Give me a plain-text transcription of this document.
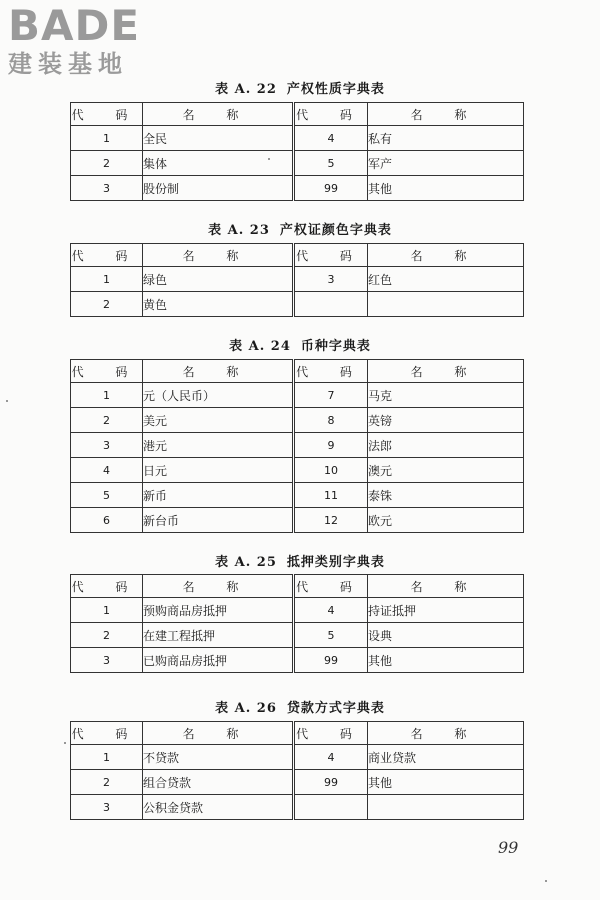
BADE
建装基地
表 A. 22 产权性质字典表
代 码	名 称	代 码	名 称
1	全民	4	私有
2	集体	5	军产
3	股份制	99	其他
表 A. 23 产权证颜色字典表
代 码	名 称	代 码	名 称
1	绿色	3	红色
2	黄色		
表 A. 24 币种字典表
代 码	名 称	代 码	名 称
1	元（人民币）	7	马克
2	美元	8	英镑
3	港元	9	法郎
4	日元	10	澳元
5	新币	11	泰铢
6	新台币	12	欧元
表 A. 25 抵押类别字典表
代 码	名 称	代 码	名 称
1	预购商品房抵押	4	持证抵押
2	在建工程抵押	5	设典
3	已购商品房抵押	99	其他
表 A. 26 贷款方式字典表
代 码	名 称	代 码	名 称
1	不贷款	4	商业贷款
2	组合贷款	99	其他
3	公积金贷款		
99
